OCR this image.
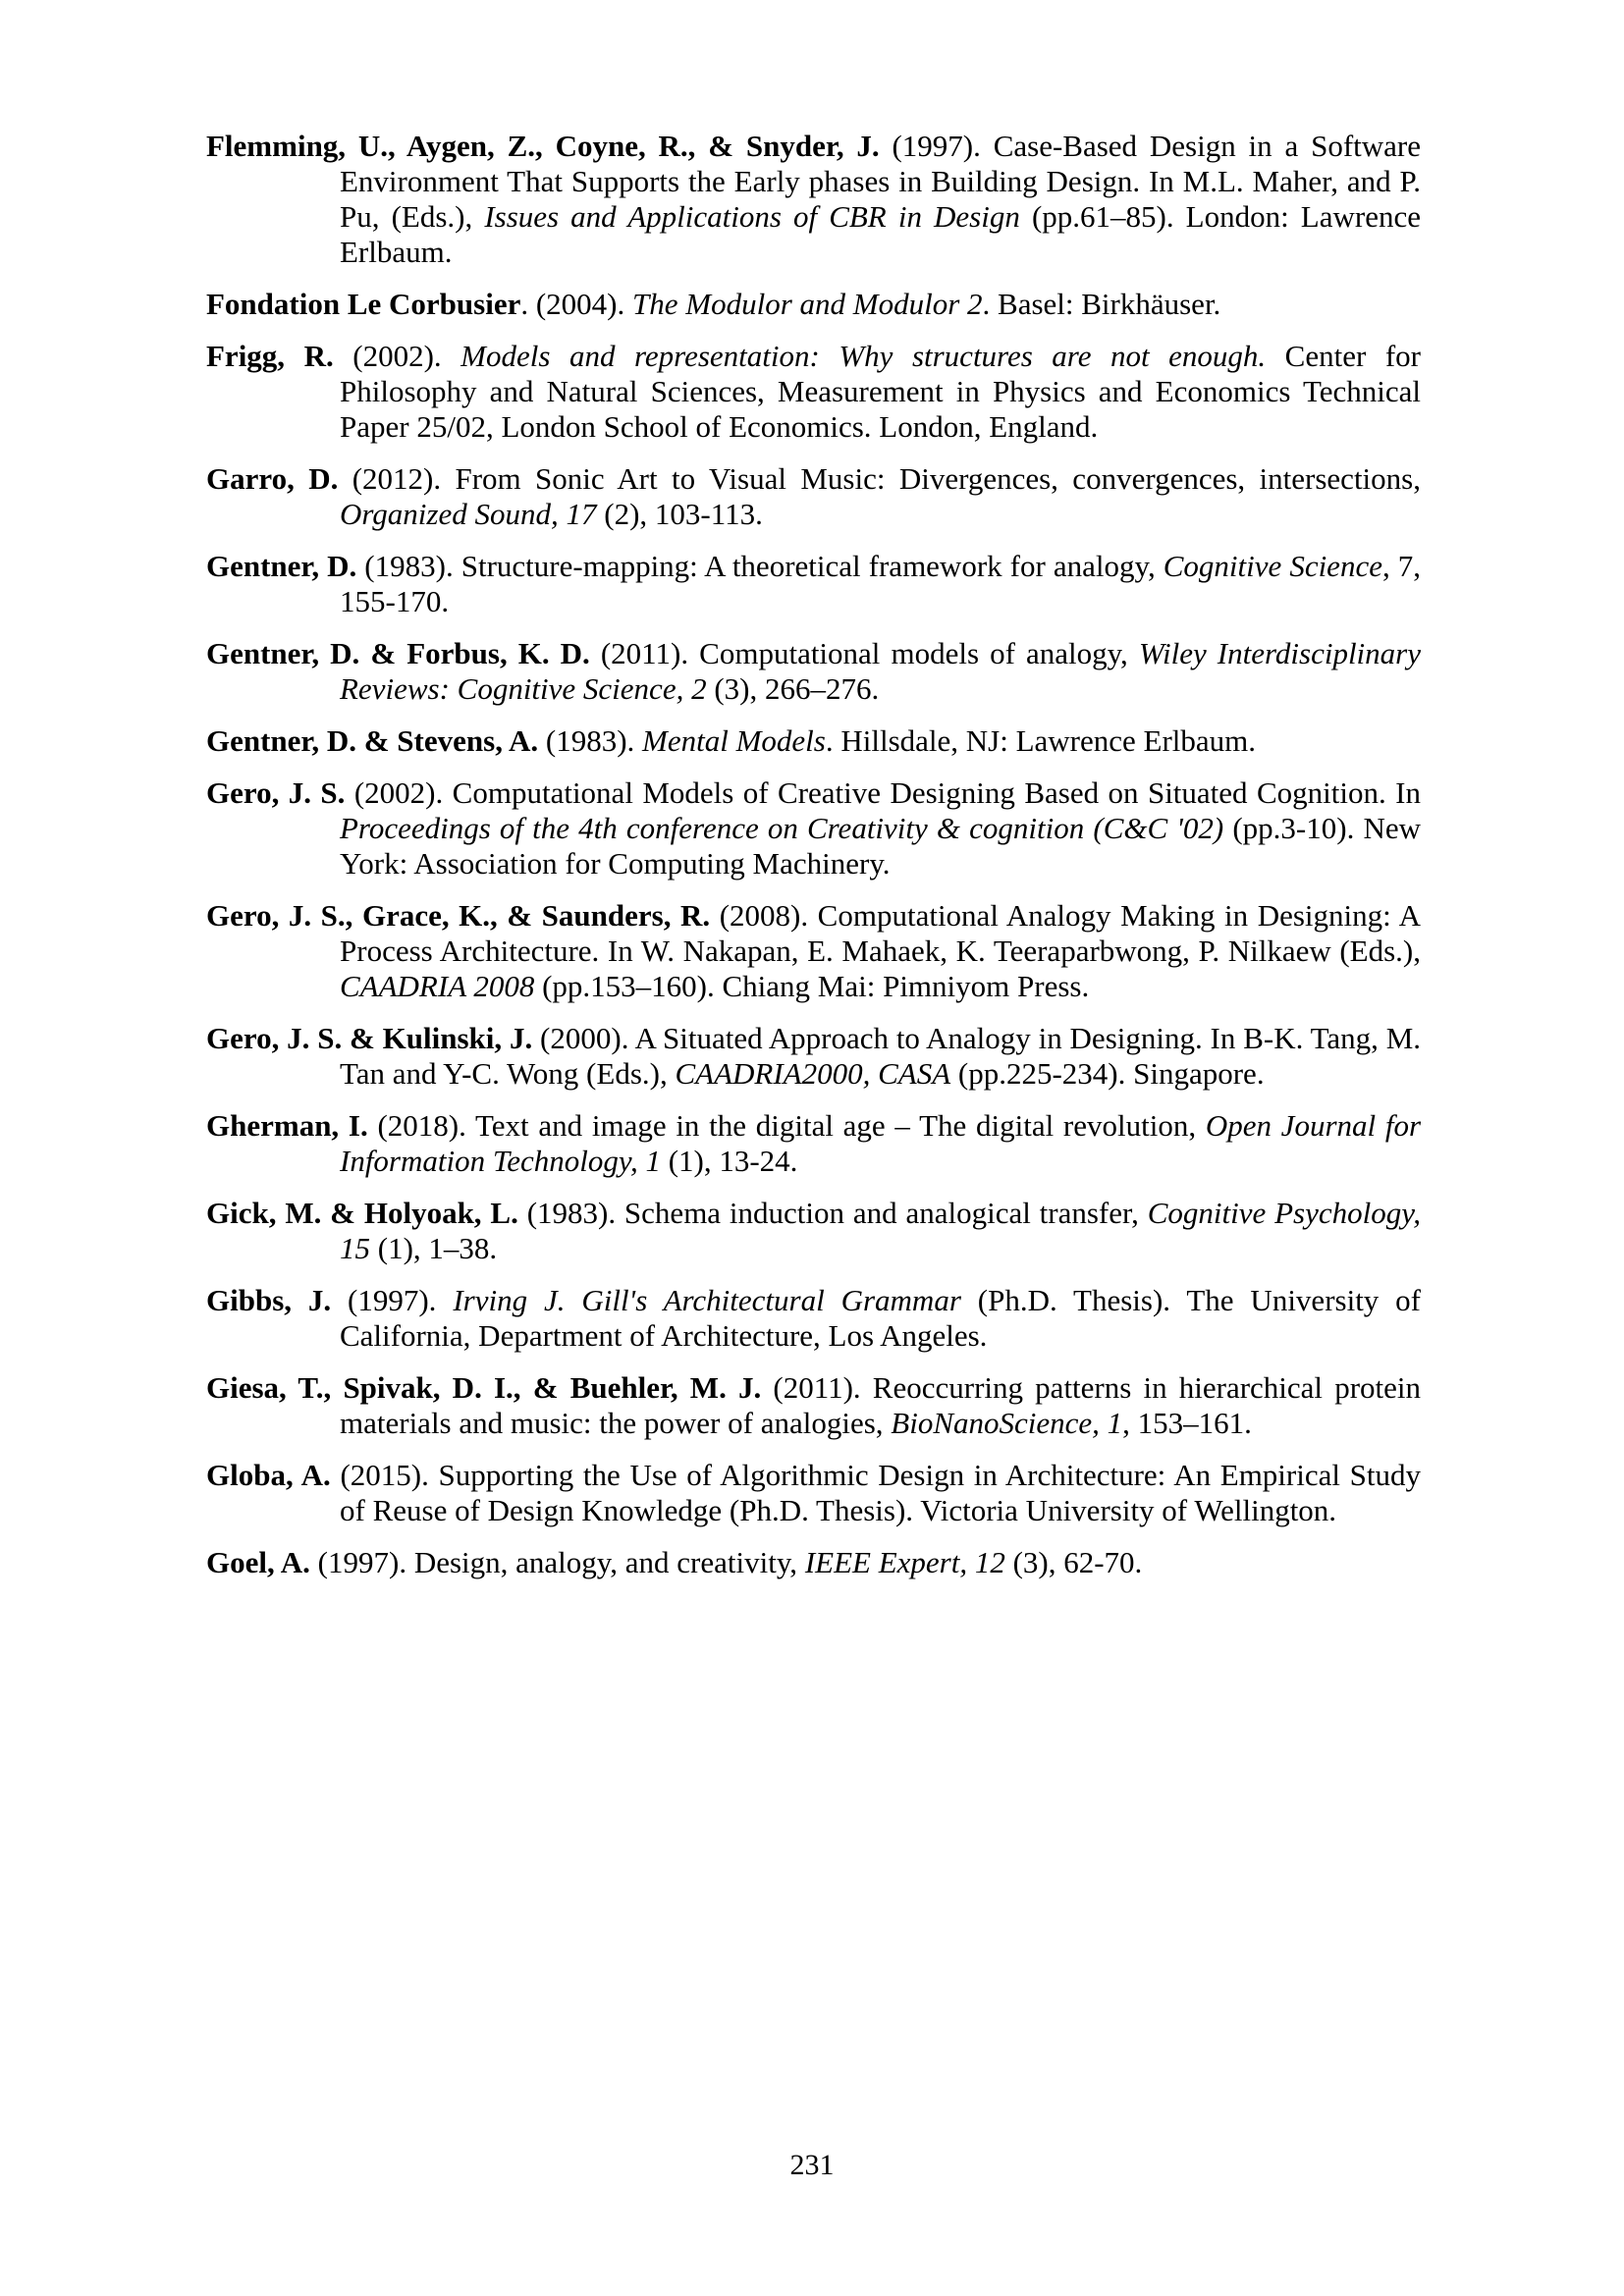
Flemming, U., Aygen, Z., Coyne, R., & Snyder, J. (1997). Case-Based Design in a Software Environment That Supports the Early phases in Building Design. In M.L. Maher, and P. Pu, (Eds.), Issues and Applications of CBR in Design (pp.61–85). London: Lawrence Erlbaum.

Fondation Le Corbusier. (2004). The Modulor and Modulor 2. Basel: Birkhäuser.

Frigg, R. (2002). Models and representation: Why structures are not enough. Center for Philosophy and Natural Sciences, Measurement in Physics and Economics Technical Paper 25/02, London School of Economics. London, England.

Garro, D. (2012). From Sonic Art to Visual Music: Divergences, convergences, intersections, Organized Sound, 17 (2), 103-113.

Gentner, D. (1983). Structure-mapping: A theoretical framework for analogy, Cognitive Science, 7, 155-170.

Gentner, D. & Forbus, K. D. (2011). Computational models of analogy, Wiley Interdisciplinary Reviews: Cognitive Science, 2 (3), 266–276.

Gentner, D. & Stevens, A. (1983). Mental Models. Hillsdale, NJ: Lawrence Erlbaum.

Gero, J. S. (2002). Computational Models of Creative Designing Based on Situated Cognition. In Proceedings of the 4th conference on Creativity & cognition (C&C '02) (pp.3-10). New York: Association for Computing Machinery.

Gero, J. S., Grace, K., & Saunders, R. (2008). Computational Analogy Making in Designing: A Process Architecture. In W. Nakapan, E. Mahaek, K. Teeraparbwong, P. Nilkaew (Eds.), CAADRIA 2008 (pp.153–160). Chiang Mai: Pimniyom Press.

Gero, J. S. & Kulinski, J. (2000). A Situated Approach to Analogy in Designing. In B-K. Tang, M. Tan and Y-C. Wong (Eds.), CAADRIA2000, CASA (pp.225-234). Singapore.

Gherman, I. (2018). Text and image in the digital age – The digital revolution, Open Journal for Information Technology, 1 (1), 13-24.

Gick, M. & Holyoak, L. (1983). Schema induction and analogical transfer, Cognitive Psychology, 15 (1), 1–38.

Gibbs, J. (1997). Irving J. Gill's Architectural Grammar (Ph.D. Thesis). The University of California, Department of Architecture, Los Angeles.

Giesa, T., Spivak, D. I., & Buehler, M. J. (2011). Reoccurring patterns in hierarchical protein materials and music: the power of analogies, BioNanoScience, 1, 153–161.

Globa, A. (2015). Supporting the Use of Algorithmic Design in Architecture: An Empirical Study of Reuse of Design Knowledge (Ph.D. Thesis). Victoria University of Wellington.

Goel, A. (1997). Design, analogy, and creativity, IEEE Expert, 12 (3), 62-70.

231
